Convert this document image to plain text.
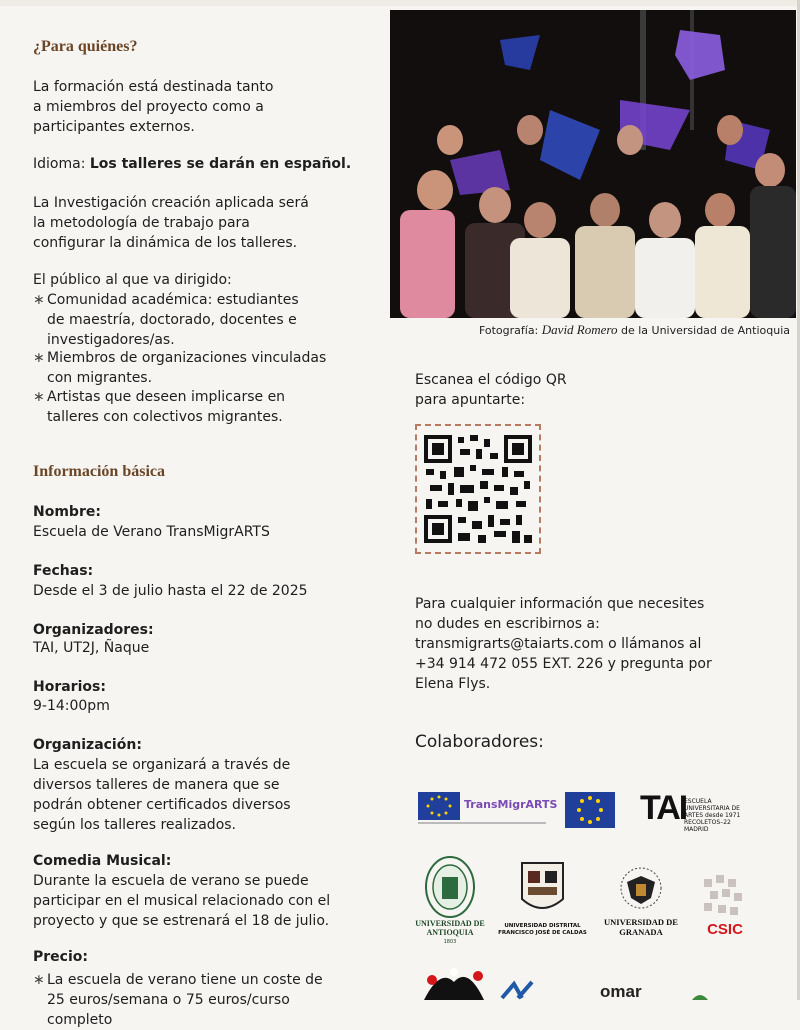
¿Para quiénes?
La formación está destinada tanto a miembros del proyecto como a participantes externos.
Idioma: Los talleres se darán en español.
La Investigación creación aplicada será la metodología de trabajo para configurar la dinámica de los talleres.
El público al que va dirigido:
∗ Comunidad académica: estudiantes de maestría, doctorado, docentes e investigadores/as.
∗ Miembros de organizaciones vinculadas con migrantes.
∗ Artistas que deseen implicarse en talleres con colectivos migrantes.
Información básica
Nombre:
Escuela de Verano TransMigrARTS
Fechas:
Desde el 3 de julio hasta el 22 de 2025
Organizadores:
TAI, UT2J, Ñaque
Horarios:
9-14:00pm
Organización:
La escuela se organizará a través de diversos talleres de manera que se podrán obtener certificados diversos según los talleres realizados.
Comedia Musical:
Durante la escuela de verano se puede participar en el musical relacionado con el proyecto y que se estrenará el 18 de julio.
Precio:
∗ La escuela de verano tiene un coste de 25 euros/semana o 75 euros/curso completo
Fotografía: David Romero de la Universidad de Antioquia
Escanea el código QR para apuntarte:
Para cualquier información que necesites no dudes en escribirnos a: transmigrarts@taiarts.com o llámanos al +34 914 472 055 EXT. 226 y pregunta por Elena Flys.
Colaboradores:
TransMigrARTS TAI
ESCUELA UNIVERSITARIA DE ARTES desde 1971 RECOLETOS–22 MADRID
UNIVERSIDAD DE ANTIOQUIA
1803
UNIVERSIDAD DISTRITAL FRANCISCO JOSÉ DE CALDAS
UNIVERSIDAD DE GRANADA	CSIC
omar
